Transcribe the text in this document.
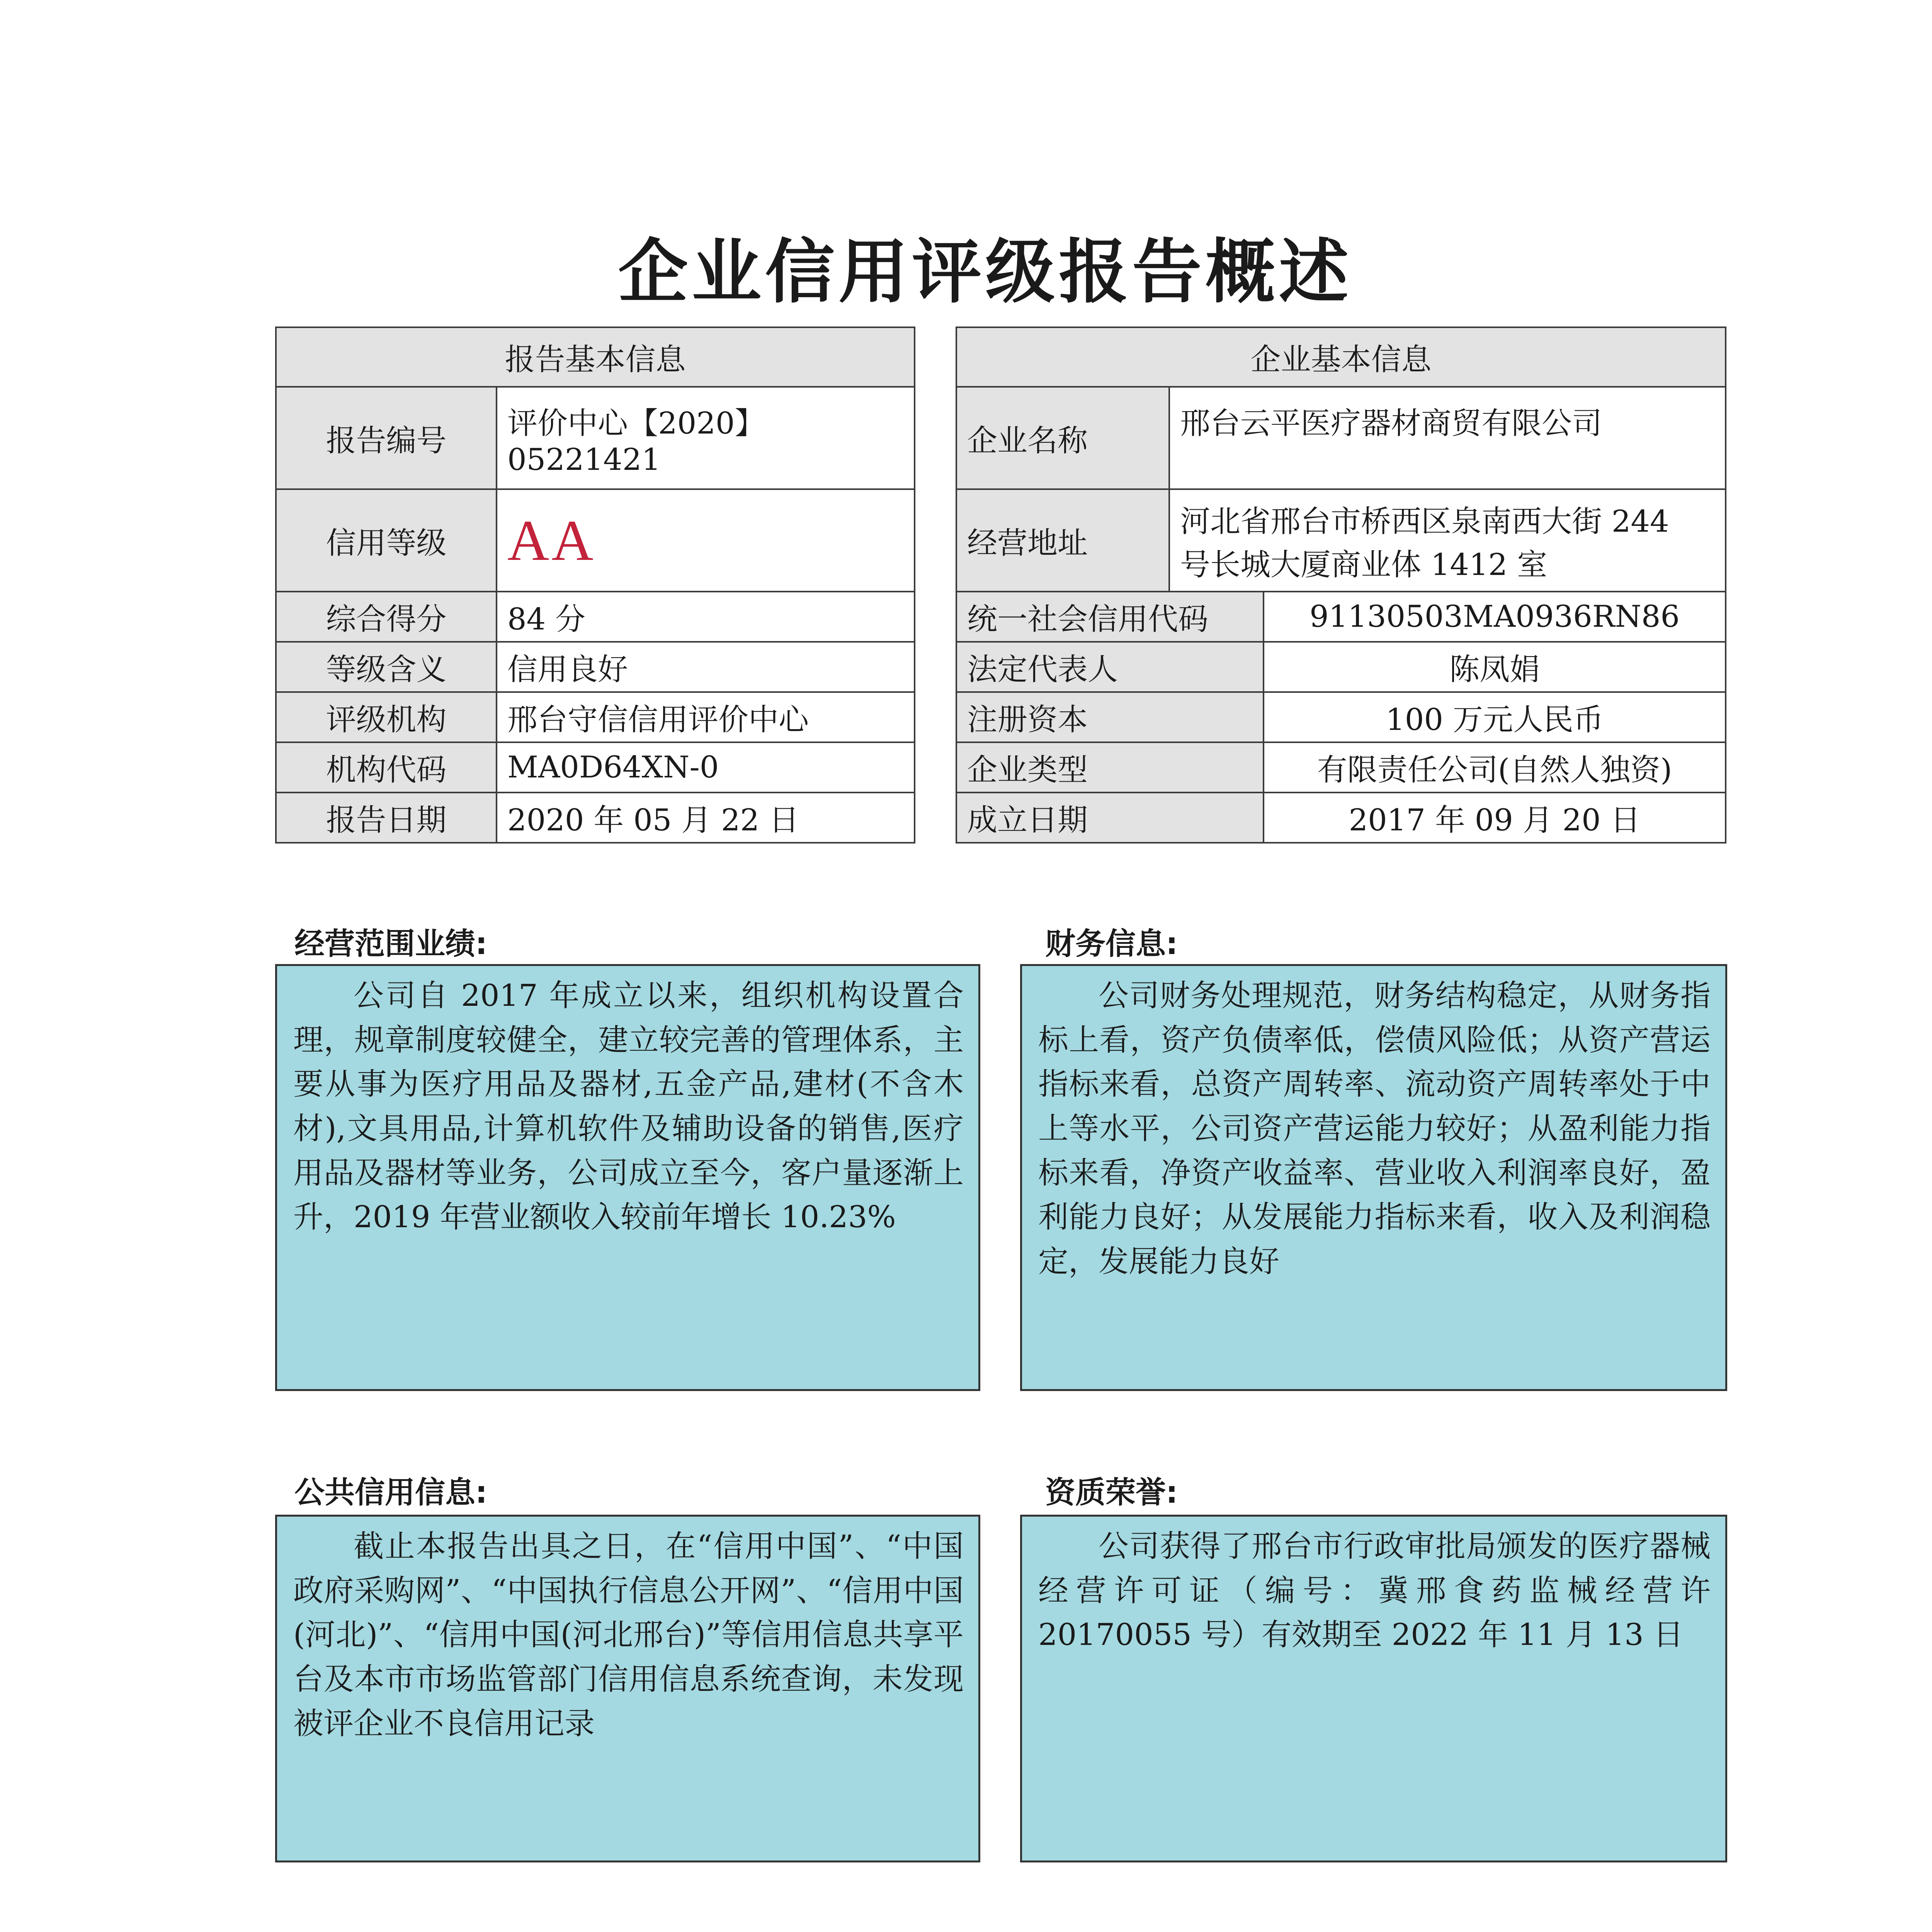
企业信用评级报告概述
报告基本信息	
报告编号	评价中心【2020】
05221421

信用等级	AA
综合得分	84 分
等级含义	信用良好
评级机构	邢台守信信用评价中心
机构代码	MA0D64XN-0
报告日期	2020 年 05 月 22 日
企业基本信息		
企业名称	邢台云平医疗器材商贸有限公司	
经营地址	河北省邢台市桥西区泉南西大街 244
号长城大厦商业体 1412 室	

统一社会信用代码		91130503MA0936RN86
法定代表人		陈凤娟
注册资本		100 万元人民币
企业类型		有限责任公司(自然人独资)
成立日期		2017 年 09 月 20 日
经营范围业绩:

公司自 2017 年成立以来，组织机构设置合理，规章制度较健全，建立较完善的管理体系，主要从事为医疗用品及器材,五金产品,建材(不含木材),文具用品,计算机软件及辅助设备的销售,医疗用品及器材等业务，公司成立至今，客户量逐渐上升，2019 年营业额收入较前年增长 10.23%

财务信息:

公司财务处理规范，财务结构稳定，从财务指标上看，资产负债率低，偿债风险低；从资产营运指标来看，总资产周转率、流动资产周转率处于中上等水平，公司资产营运能力较好；从盈利能力指标来看，净资产收益率、营业收入利润率良好，盈利能力良好；从发展能力指标来看，收入及利润稳定，发展能力良好

公共信用信息:

截止本报告出具之日，在“信用中国”、“中国政府采购网”、“中国执行信息公开网”、“信用中国(河北)”、“信用中国(河北邢台)”等信用信息共享平台及本市市场监管部门信用信息系统查询，未发现被评企业不良信用记录

资质荣誉:

公司获得了邢台市行政审批局颁发的医疗器械经营许可证（编号：冀邢食药监械经营许 20170055 号）有效期至 2022 年 11 月 13 日
